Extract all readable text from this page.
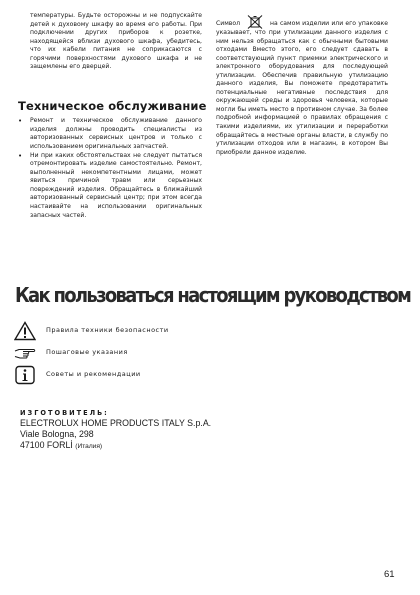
температуры. Будьте осторожны и не подпускайте детей к духовому шкафу во время его работы. При подключении других приборов к розетке, находящейся вблизи духового шкафа, убедитесь, что их кабели питания не соприкасаются с горячими поверхностями духового шкафа и не защемлены его дверцей.

Техническое обслуживание
• Ремонт и техническое обслуживание данного изделия должны проводить специалисты из авторизованных сервисных центров и только с использованием оригинальных запчастей.
• Ни при каких обстоятельствах не следует пытаться отремонтировать изделие самостоятельно. Ремонт, выполненный некомпетентными лицами, может явиться причиной травм или серьезных повреждений изделия. Обращайтесь в ближайший авторизованный сервисный центр; при этом всегда настаивайте на использовании оригинальных запасных частей.

Символ	на самом изделии или его упаковке указывает, что при утилизации данного изделия с ним нельзя обращаться как с обычными бытовыми отходами Вместо этого, его следует сдавать в соответствующий пункт приемки электрического и электронного оборудования для последующей утилизации. Обеспечив правильную утилизацию данного изделия, Вы поможете предотвратить потенциальные негативные последствия для окружающей среды и здоровья человека, которые могли бы иметь место в противном случае. За более подробной информацией о правилах обращения с такими изделиями, их утилизации и переработки обращайтесь в местные органы власти, в службу по утилизации отходов или в магазин, в котором Вы приобрели данное изделие.

Как пользоваться настоящим руководством
Правила техники безопасности
Пошаговые указания
Советы и рекомендации

ИЗГОТОВИТЕЛЬ:

ELECTROLUX HOME PRODUCTS ITALY S.p.A.

Viale Bologna, 298

47100 FORLİ (Италия)

61
